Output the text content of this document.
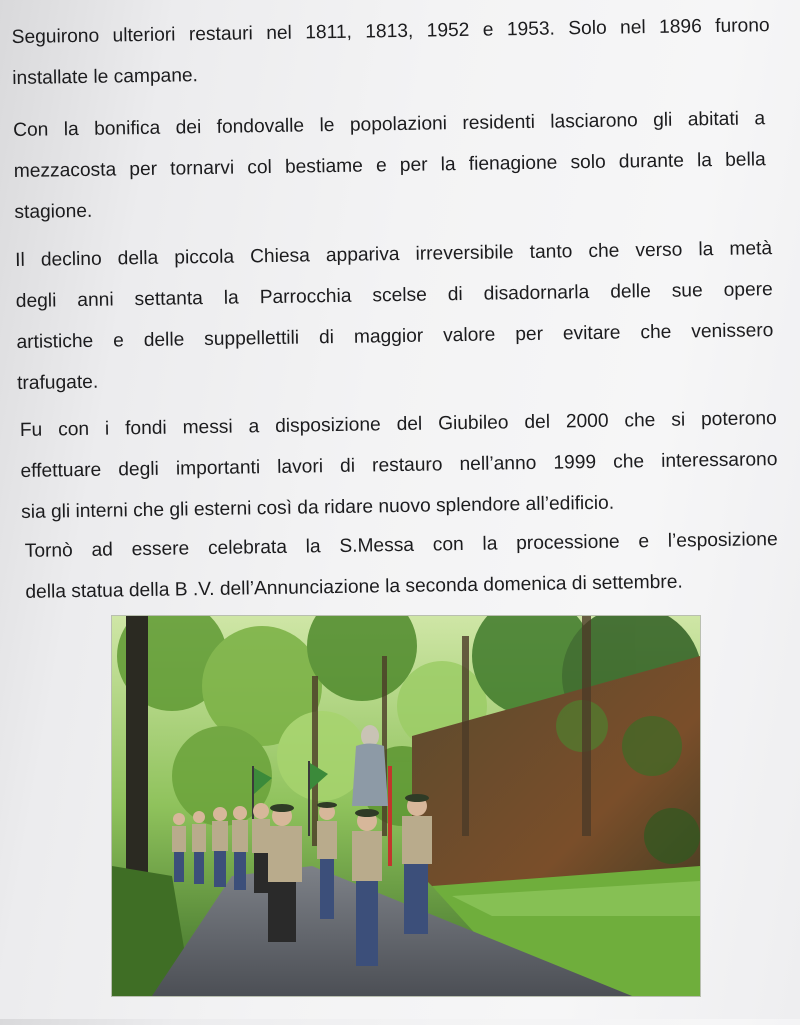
Seguirono ulteriori restauri nel 1811, 1813, 1952 e 1953. Solo nel 1896 furono
installate le campane.

Con la bonifica dei fondovalle le popolazioni residenti lasciarono gli abitati a
mezzacosta per tornarvi col bestiame e per la fienagione solo durante la bella
stagione.

Il declino della piccola Chiesa appariva irreversibile tanto che verso la metà
degli anni settanta la Parrocchia scelse di disadornarla delle sue opere
artistiche e delle suppellettili di maggior valore per evitare che venissero
trafugate.

Fu con i fondi messi a disposizione del Giubileo del 2000 che si poterono
effettuare degli importanti lavori di restauro nell’anno 1999 che interessarono
sia gli interni che gli esterni così da ridare nuovo splendore all’edificio.

Tornò ad essere celebrata la S.Messa con la processione e l’esposizione
della statua della B .V. dell’Annunciazione la seconda domenica di settembre.
